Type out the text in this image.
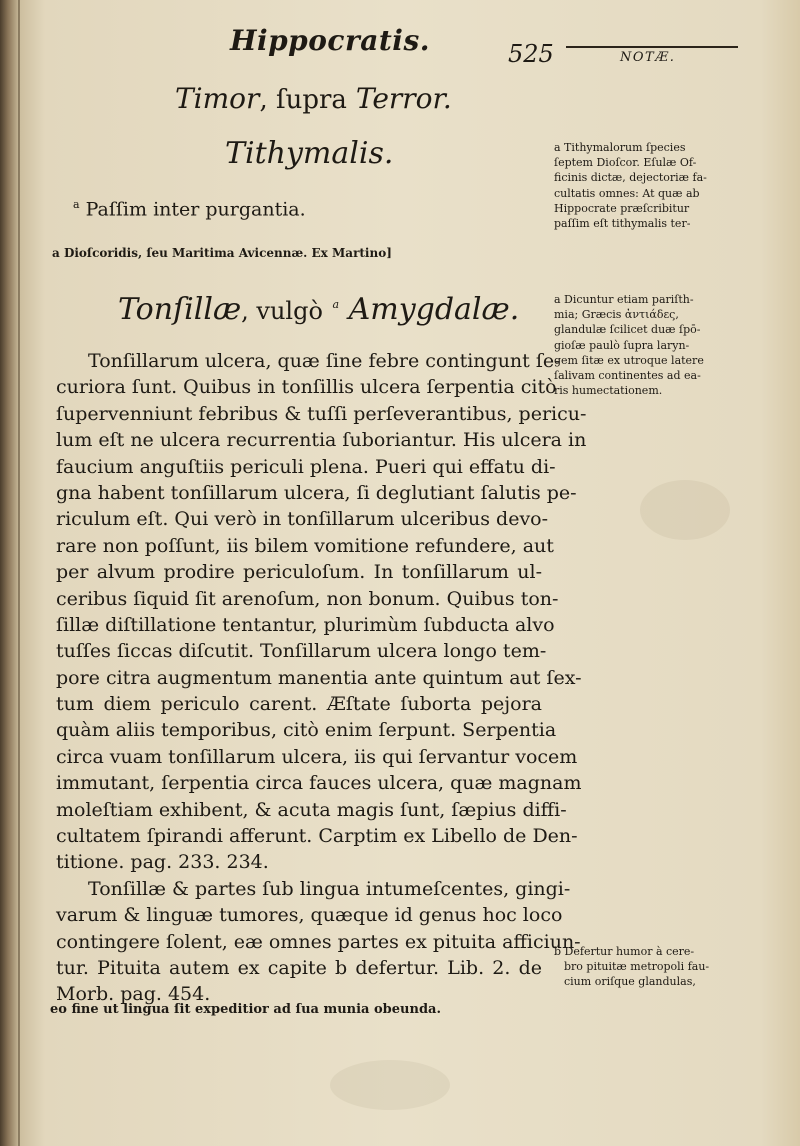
Hippocratis.	525	NOTÆ.
Timor, ſupra Terror.
Tithymalis.
$^a$ Paſſim inter purgantia.
a Dioſcoridis, ſeu Maritima Avicennæ. Ex Martino]
Tonſillæ, vulgò $^a$ Amygdalæ.
Tonſillarum ulcera, quæ ſine febre contingunt ſe-
curiora ſunt. Quibus in tonſillis ulcera ſerpentia citò
ſupervenniunt febribus & tuſſi perſeverantibus, pericu-
lum eſt ne ulcera recurrentia ſuboriantur. His ulcera in
faucium anguſtiis periculi plena. Pueri qui effatu di-
gna habent tonſillarum ulcera, ſi deglutiant ſalutis pe-
riculum eſt. Qui verò in tonſillarum ulceribus devo-
rare non poſſunt, iis bilem vomitione refundere, aut
per alvum prodire periculoſum. In tonſillarum ul-
ceribus ſiquid ſit arenoſum, non bonum. Quibus ton-
ſillæ diſtillatione tentantur, plurimùm ſubducta alvo
tuſſes ſiccas diſcutit. Tonſillarum ulcera longo tem-
pore citra augmentum manentia ante quintum aut ſex-
tum diem periculo carent. Æſtate ſuborta pejora
quàm aliis temporibus, citò enim ſerpunt. Serpentia
circa vuam tonſillarum ulcera, iis qui ſervantur vocem
immutant, ſerpentia circa fauces ulcera, quæ magnam
moleſtiam exhibent, & acuta magis ſunt, ſæpius diffi-
cultatem ſpirandi afferunt. Carptim ex Libello de Den-
titione. pag. 233. 234.
Tonſillæ & partes ſub lingua intumeſcentes, gingi-
varum & linguæ tumores, quæque id genus hoc loco
contingere ſolent, eæ omnes partes ex pituita afficiun-
tur. Pituita autem ex capite b defertur. Lib. 2. de
Morb. pag. 454.
eo fine ut lingua ſit expeditior ad ſua munia obeunda.
a Tithymalorum ſpecies
ſeptem Dioſcor. Eſulæ Of-
ficinis dictæ, dejectoriæ fa-
cultatis omnes: At quæ ab
Hippocrate præſcribitur
paſſim eſt tithymalis ter-
a Dicuntur etiam pariſth-
mia; Græcis ἀντιάδες,
glandulæ ſcilicet duæ ſpō-
gioſæ paulò ſupra laryn-
gem ſitæ ex utroque latere
ſalivam continentes ad ea-
ris humectationem.
b Defertur humor à cere-
bro pituitæ metropoli fau-
cium oriſque glandulas,
